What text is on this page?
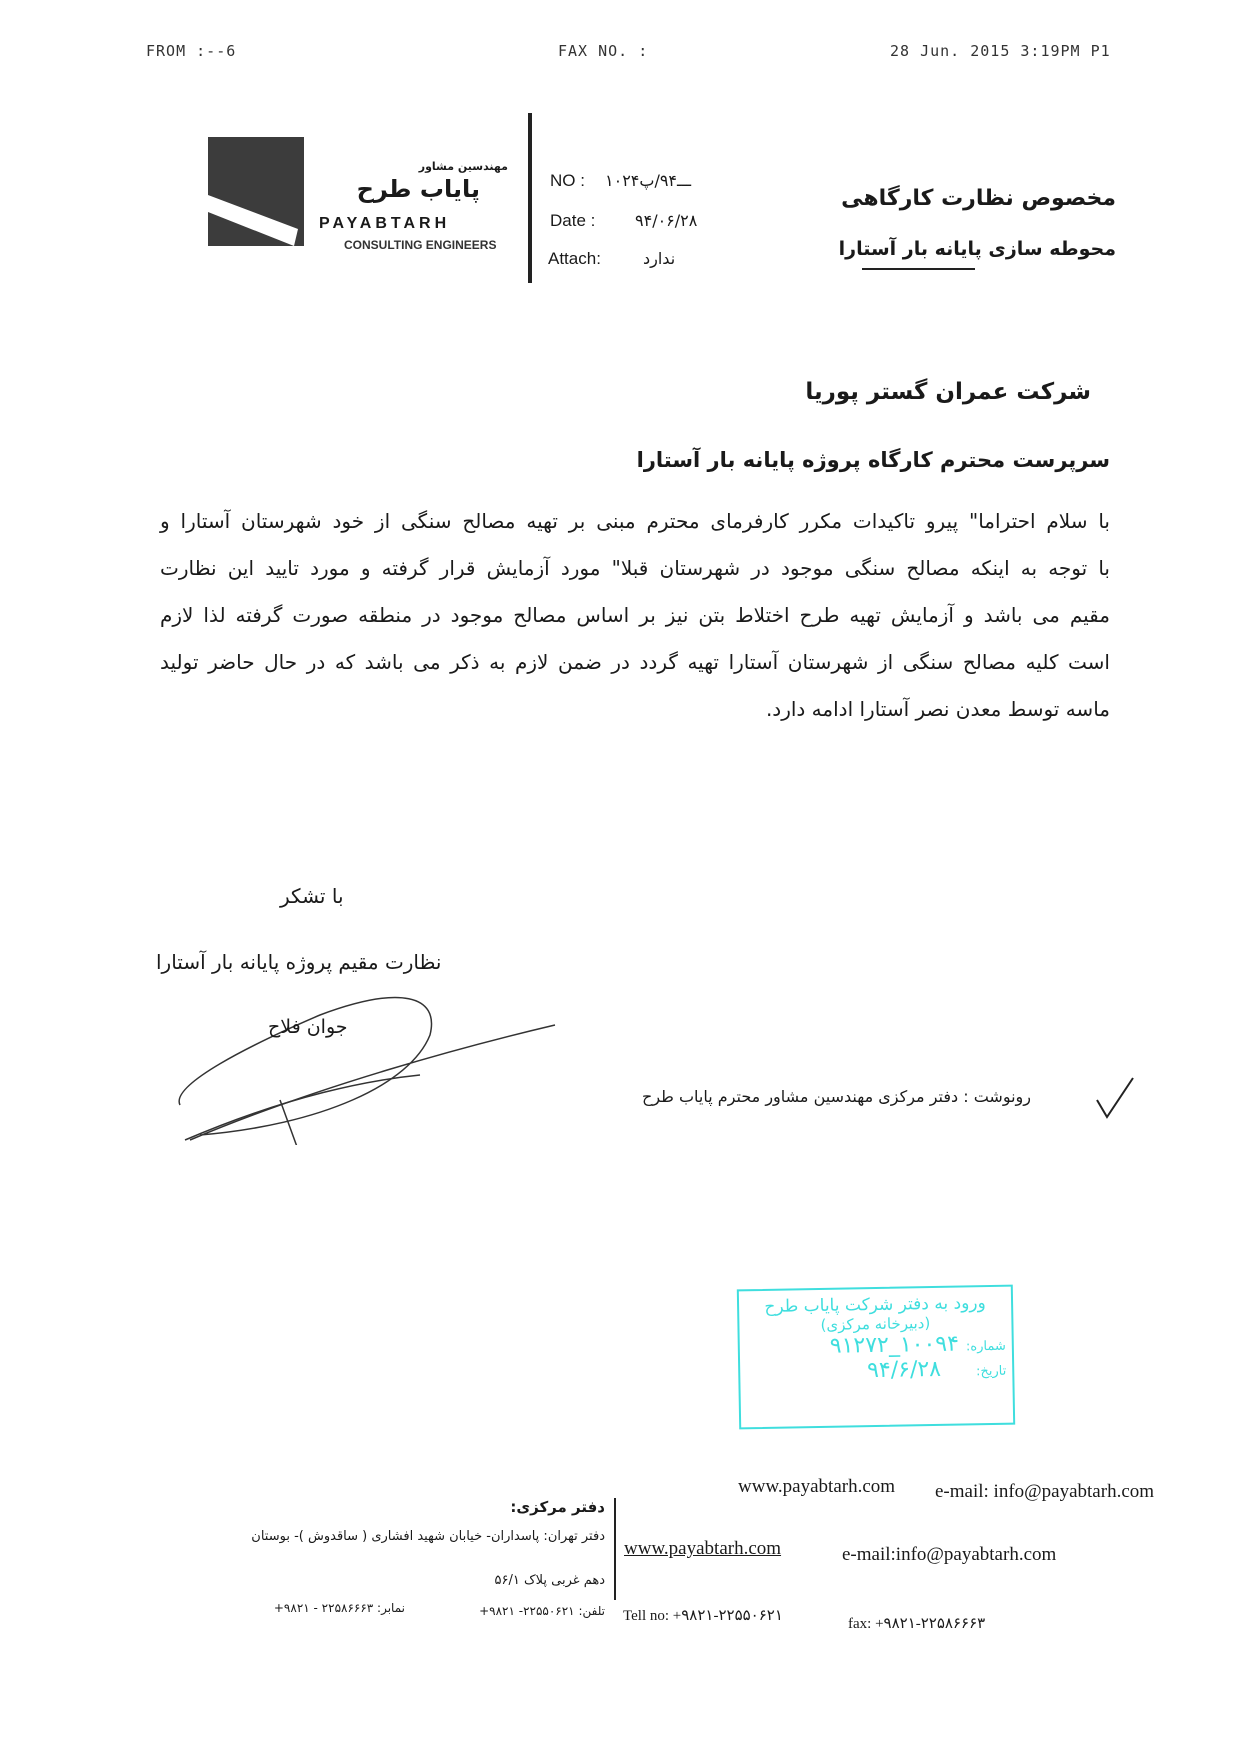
FROM :--6	FAX NO. :	28 Jun. 2015 3:19PM P1
مهندسین مشاور
پایاب طرح
PAYABTARH
CONSULTING ENGINEERS
NO : ۱۰۲۴ـــ۹۴/پ
Date : ۹۴/۰۶/۲۸
Attach:	ندارد
مخصوص نظارت کارگاهی
محوطه سازی پایانه بار آستارا
شرکت عمران گستر پوریا
سرپرست محترم کارگاه پروژه پایانه بار آستارا
با سلام احتراما" پیرو تاکیدات مکرر کارفرمای محترم مبنی بر تهیه مصالح سنگی از خود شهرستان آستارا و
با توجه به اینکه مصالح سنگی موجود در شهرستان قبلا" مورد آزمایش قرار گرفته و مورد تایید این نظارت
مقیم می باشد و آزمایش تهیه طرح اختلاط بتن نیز بر اساس مصالح موجود در منطقه صورت گرفته لذا لازم
است کلیه مصالح سنگی از شهرستان آستارا تهیه گردد در ضمن لازم به ذکر می باشد که در حال حاضر تولید
ماسه توسط معدن نصر آستارا ادامه دارد.
با تشکر
نظارت مقیم پروژه پایانه بار آستارا
جوان فلاح
رونوشت : دفتر مرکزی مهندسین مشاور محترم پایاب طرح
ورود به دفتر شرکت پایاب طرح
(دبیرخانه مرکزی)
شماره: ۱۰۰۹۴_۹۱۲۷۲
تاریخ:     ۹۴/۶/۲۸
www.payabtarh.com e-mail: info@payabtarh.com
دفتر مرکزی:
دفتر تهران: پاسداران- خیابان شهید افشاری ( ساقدوش )- بوستان
دهم غربی پلاک ۵۶/۱
تلفن: ۲۲۵۵۰۶۲۱- ۹۸۲۱+
نمابر: ۲۲۵۸۶۶۶۳ - ۹۸۲۱+
www.payabtarh.com	e-mail:info@payabtarh.com
Tell no: +۹۸۲۱-۲۲۵۵۰۶۲۱	fax: +۹۸۲۱-۲۲۵۸۶۶۶۳
